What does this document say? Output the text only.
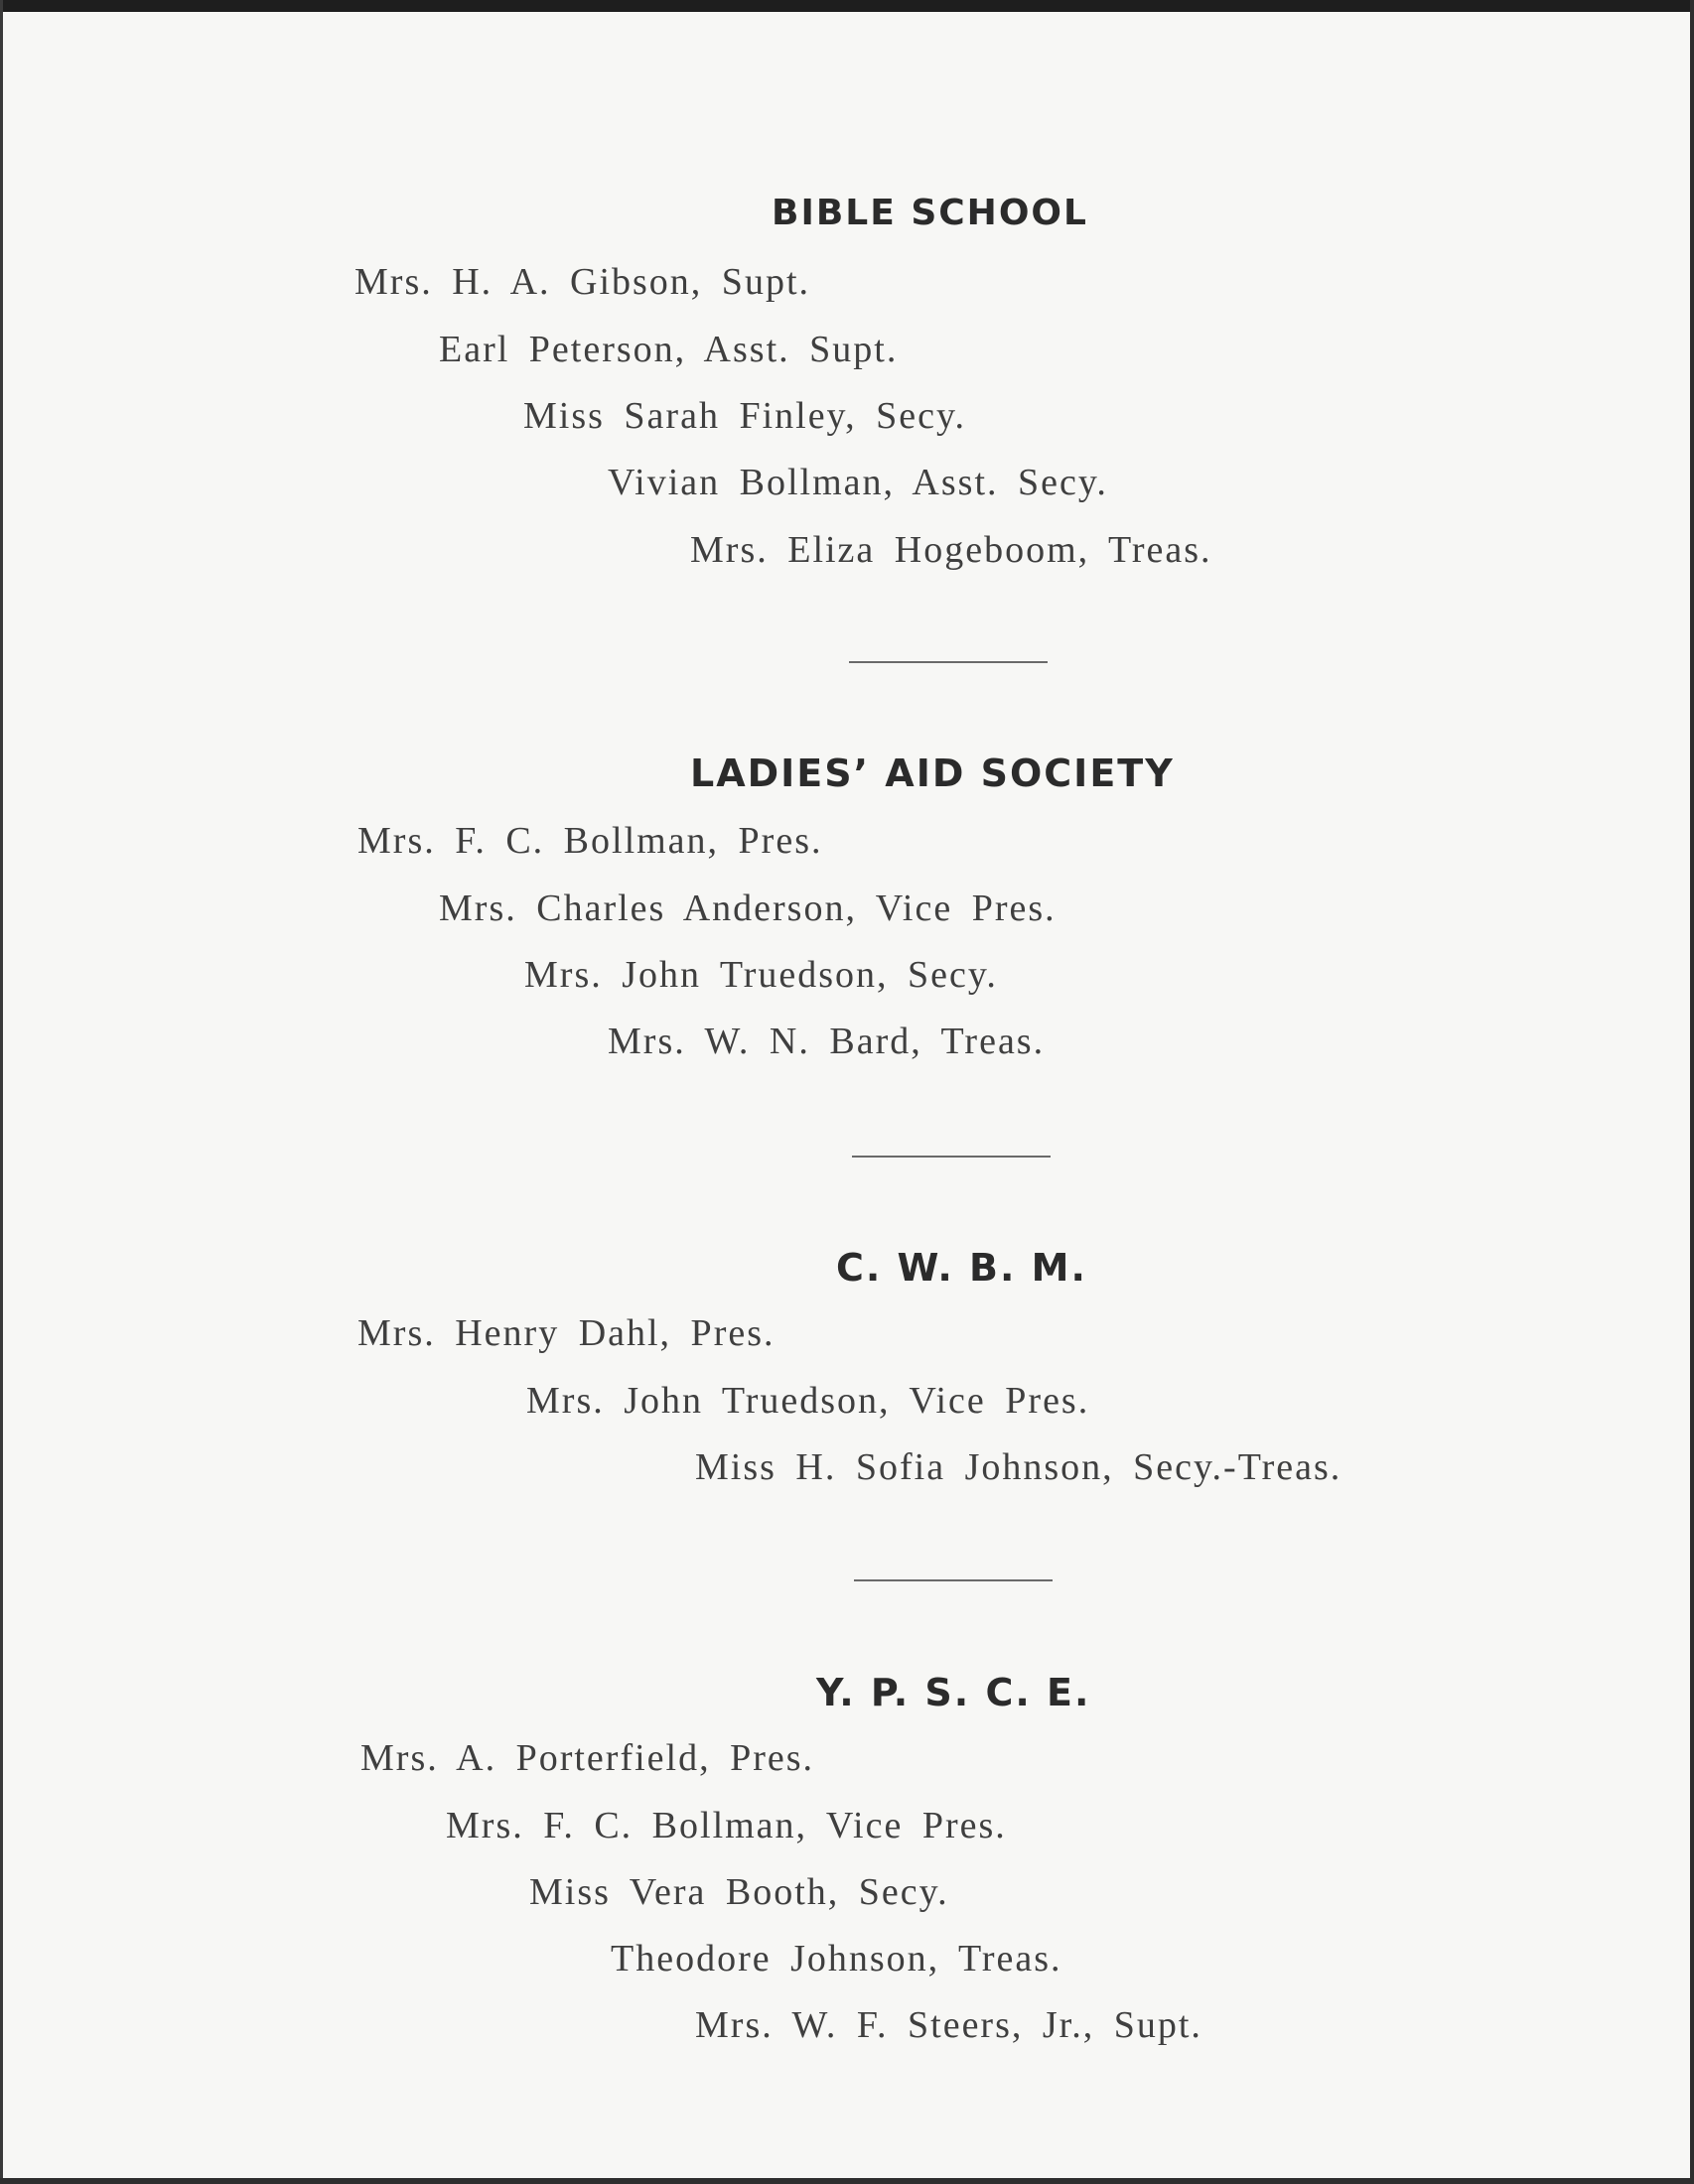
BIBLE SCHOOL
Mrs. H. A. Gibson, Supt.
Earl Peterson, Asst. Supt.
Miss Sarah Finley, Secy.
Vivian Bollman, Asst. Secy.
Mrs. Eliza Hogeboom, Treas.
LADIES’ AID SOCIETY
Mrs. F. C. Bollman, Pres.
Mrs. Charles Anderson, Vice Pres.
Mrs. John Truedson, Secy.
Mrs. W. N. Bard, Treas.
C. W. B. M.
Mrs. Henry Dahl, Pres.
Mrs. John Truedson, Vice Pres.
Miss H. Sofia Johnson, Secy.-Treas.
Y. P. S. C. E.
Mrs. A. Porterfield, Pres.
Mrs. F. C. Bollman, Vice Pres.
Miss Vera Booth, Secy.
Theodore Johnson, Treas.
Mrs. W. F. Steers, Jr., Supt.
